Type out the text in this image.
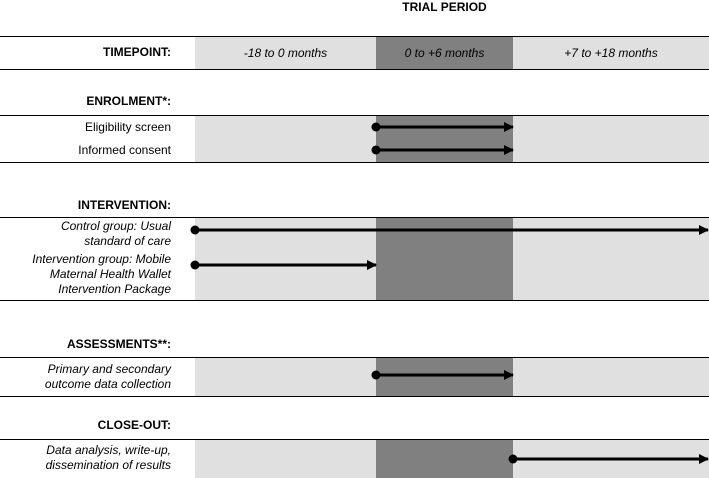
TRIAL PERIOD
TIMEPOINT:	-18 to 0 months	0 to +6 months	+7 to +18 months
ENROLMENT*:
Eligibility screen
Informed consent
INTERVENTION:
Control group: Usual
standard of care
Intervention group: Mobile
Maternal Health Wallet
Intervention Package
ASSESSMENTS**:
Primary and secondary
outcome data collection
CLOSE-OUT:
Data analysis, write-up,
dissemination of results
